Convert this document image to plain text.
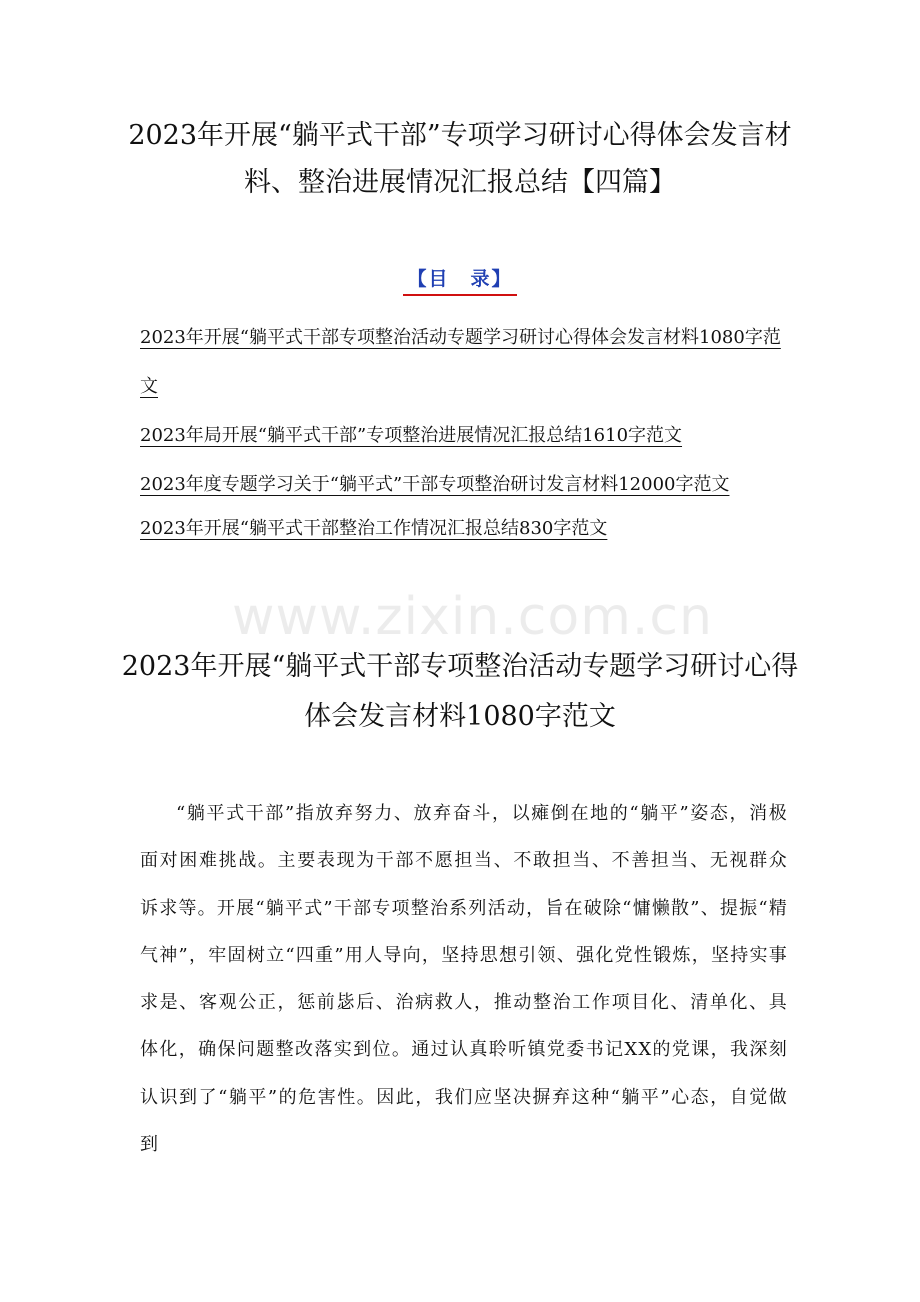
2023年开展“躺平式干部”专项学习研讨心得体会发言材料、整治进展情况汇报总结【四篇】
【目　录】
2023年开展“躺平式干部专项整治活动专题学习研讨心得体会发言材料1080字范文
2023年局开展“躺平式干部”专项整治进展情况汇报总结1610字范文
2023年度专题学习关于“躺平式”干部专项整治研讨发言材料12000字范文
2023年开展“躺平式干部整治工作情况汇报总结830字范文
www.zixin.com.cn
2023年开展“躺平式干部专项整治活动专题学习研讨心得体会发言材料1080字范文

“躺平式干部”指放弃努力、放弃奋斗，以瘫倒在地的“躺平”姿态，消极面对困难挑战。主要表现为干部不愿担当、不敢担当、不善担当、无视群众诉求等。开展“躺平式”干部专项整治系列活动，旨在破除“慵懒散”、提振“精气神”，牢固树立“四重”用人导向，坚持思想引领、强化党性锻炼，坚持实事求是、客观公正，惩前毖后、治病救人，推动整治工作项目化、清单化、具体化，确保问题整改落实到位。通过认真聆听镇党委书记XX的党课，我深刻认识到了“躺平”的危害性。因此，我们应坚决摒弃这种“躺平”心态，自觉做到
